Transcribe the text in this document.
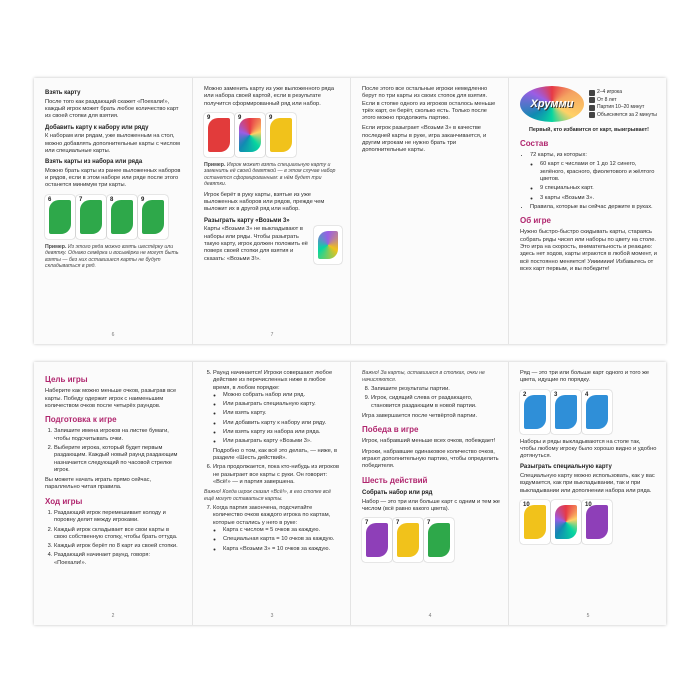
Взять карту

После того как раздающий скажет «Поехали!», каждый игрок может брать любое количество карт из своей стопки для взятия.

Добавить карту к набору или ряду

К наборам или рядам, уже выложенным на стол, можно добавлять дополнительные карты с числом или специальные карты.

Взять карты из набора или ряда

Можно брать карты из ранее выложенных наборов и рядов, если в этом наборе или ряде после этого останется минимум три карты.

6	7	8	9
Пример. Из этого ряда можно взять шестёрку или девятку. Однако семёрка и восьмёрка не могут быть взяты — без них оставшиеся карты не будут складываться в ряд.
6

Можно заменить карту из уже выложенного ряда или набора своей картой, если в результате получится сформированный ряд или набор.

9	9	9
Пример. Игрок может взять специальную карту и заменить её своей девяткой — в этом случае набор останется сформированным: в нём будет три девятки.

Игрок берёт в руку карты, взятые из уже выложенных наборов или рядов, прежде чем выложит их в другой ряд или набор.

Разыграть карту «Возьми 3»

Карты «Возьми 3» не выкладывают в наборы или ряды. Чтобы разыграть такую карту, игрок должен положить её поверх своей стопки для взятия и сказать: «Возьми 3!».

7

После этого все остальные игроки немедленно берут по три карты из своих стопок для взятия. Если в стопке одного из игроков осталось меньше трёх карт, он берёт, сколько есть. Только после этого можно продолжить партию.

Если игрок разыграет «Возьми 3» в качестве последней карты в руке, игра заканчивается, и другим игрокам не нужно брать три дополнительные карты.

Хрумми
2–4 игрока
От 8 лет
Партия 10–20 минут
Объясняется за 2 минуты
Первый, кто избавится от карт, выигрывает!
Состав
• 72 карты, из которых:
◦ 60 карт с числами от 1 до 12 синего, зелёного, красного, фиолетового и жёлтого цветов.
◦ 9 специальных карт.
◦ 3 карты «Возьми 3».
• Правила, которые вы сейчас держите в руках.
Об игре

Нужно быстро-быстро скидывать карты, стараясь собрать ряды чисел или наборы по цвету на столе. Это игра на скорость, внимательность и реакцию: здесь нет ходов, карты играются в любой момент, и всё постоянно меняется! Уиииииии! Избавьтесь от всех карт первым, и вы победите!

Цель игры

Наберите как можно меньше очков, разыграв все карты. Победу одержит игрок с наименьшим количеством очков после четырёх раундов.

Подготовка к игре
1. Запишите имена игроков на листке бумаги, чтобы подсчитывать очки.
2. Выберите игрока, который будет первым раздающим. Каждый новый раунд раздающим назначается следующий по часовой стрелке игрок.

Вы можете начать играть прямо сейчас, параллельно читая правила.

Ход игры
1. Раздающий игрок перемешивает колоду и поровну делит между игроками.
2. Каждый игрок складывает все свои карты в свою собственную стопку, чтобы брать оттуда.
3. Каждый игрок берёт по 8 карт из своей стопки.
4. Раздающий начинает раунд, говоря: «Поехали!».
2
5. Раунд начинается! Игроки совершают любое действие из перечисленных ниже в любое время, в любом порядке:
◦ Можно собрать набор или ряд.
◦ Или разыграть специальную карту.
◦ Или взять карту.
◦ Или добавить карту к набору или ряду.
◦ Или взять карту из набора или ряда.
◦ Или разыграть карту «Возьми 3».
Подробно о том, как всё это делать, — ниже, в разделе «Шесть действий».
6. Игра продолжается, пока кто-нибудь из игроков не разыграет все карты с руки. Он говорит: «Всё!» — и партия завершена.

Важно! Когда игрок сказал «Всё!», в его стопке всё ещё могут оставаться карты.

7. Когда партия закончена, подсчитайте количество очков каждого игрока по картам, которые остались у него в руке:
◦ Карта с числом = 5 очков за каждую.
◦ Специальная карта = 10 очков за каждую.
◦ Карта «Возьми 3» = 10 очков за каждую.
3

Важно! За карты, оставшиеся в стопках, очки не начисляются.

8. Запишите результаты партии.
9. Игрок, сидящий слева от раздающего, становится раздающим в новой партии.

Игра завершается после четвёртой партии.

Победа в игре

Игрок, набравший меньше всех очков, побеждает!

Игроки, набравшие одинаковое количество очков, играют дополнительную партию, чтобы определить победителя.

Шесть действий
Собрать набор или ряд

Набор — это три или больше карт с одним и тем же числом (всё равно какого цвета).

7	7	7
4

Ряд — это три или больше карт одного и того же цвета, идущие по порядку.

2	3	4

Наборы и ряды выкладываются на столе так, чтобы любому игроку было хорошо видно и удобно дотянуться.

Разыграть специальную карту

Специальную карту можно использовать, как у вас вздумается, как при выкладывании, так и при выкладывании или дополнении набора или ряда.

10	10
5
